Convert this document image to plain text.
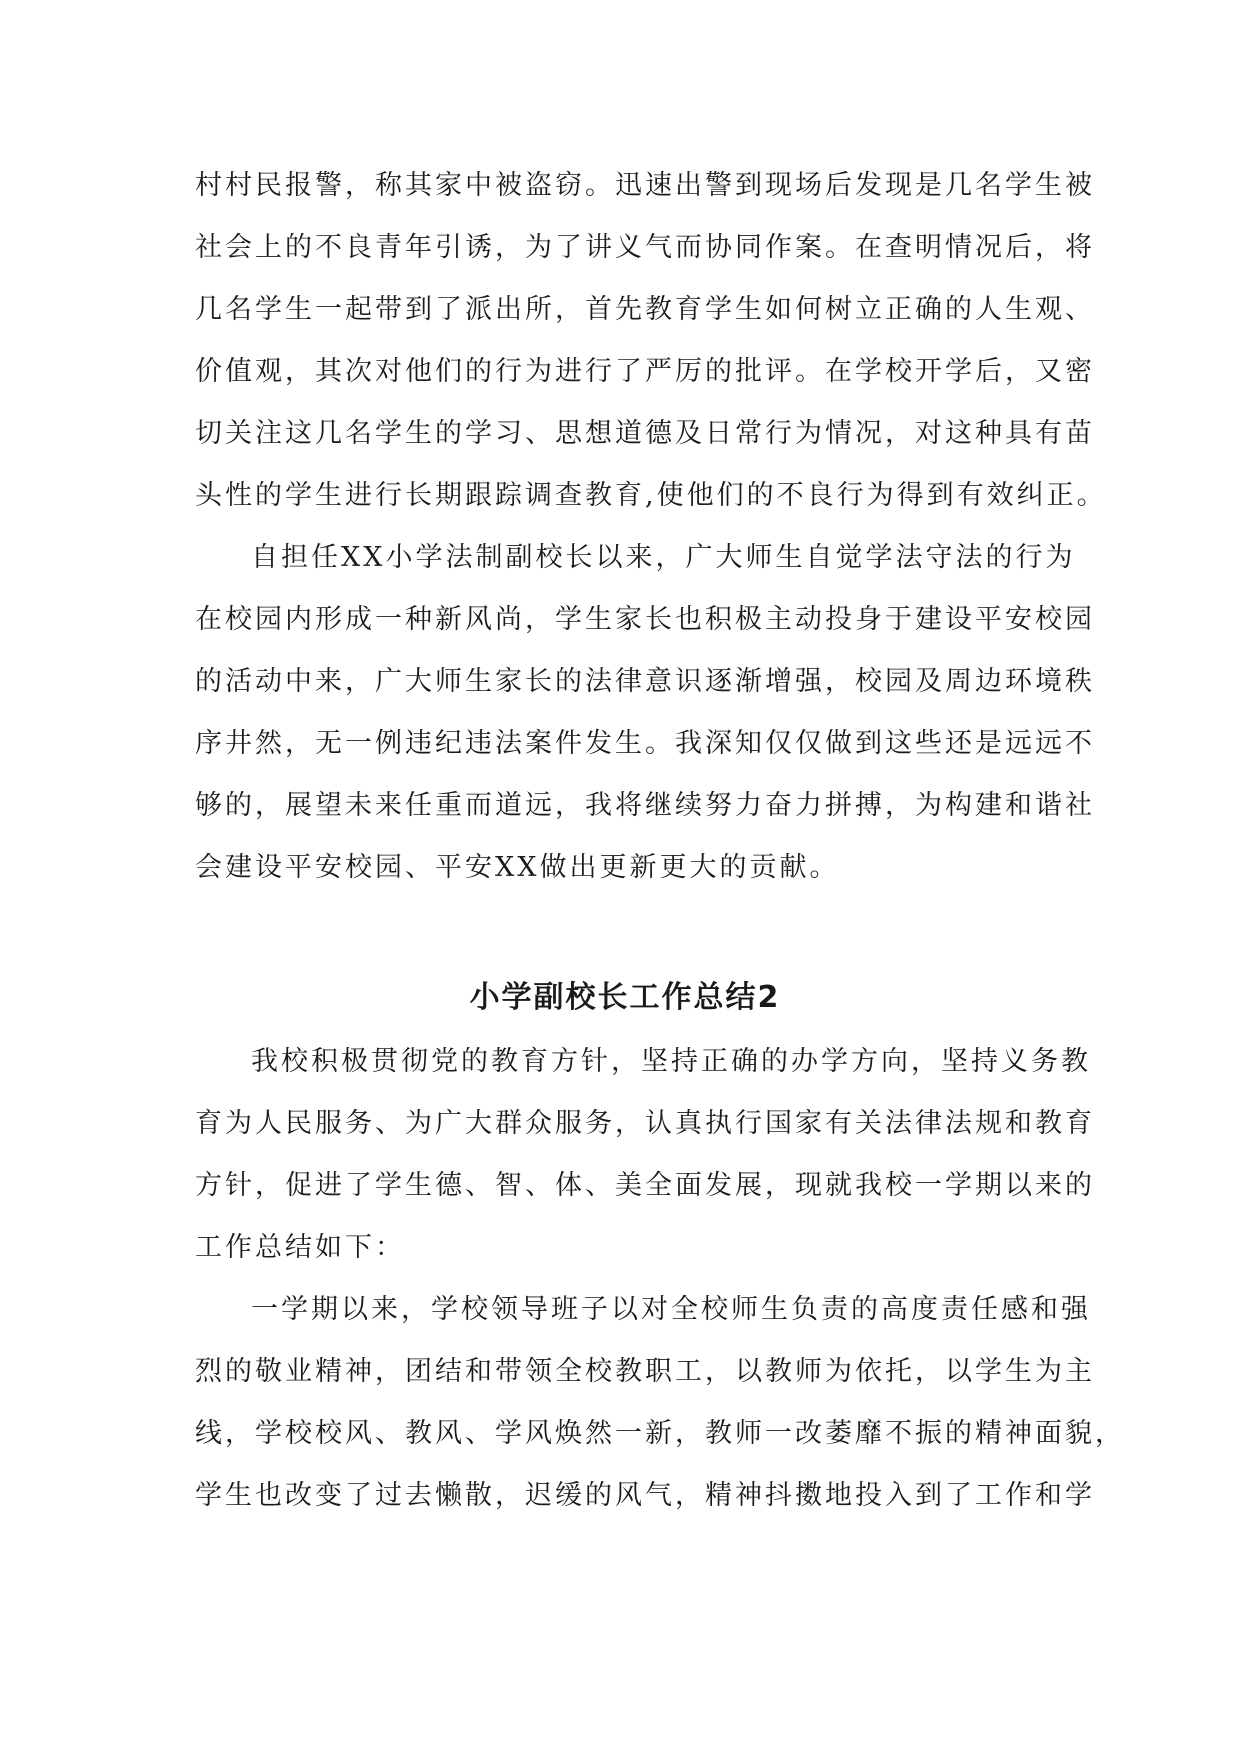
村村民报警，称其家中被盗窃。迅速出警到现场后发现是几名学生被
社会上的不良青年引诱，为了讲义气而协同作案。在查明情况后，将
几名学生一起带到了派出所，首先教育学生如何树立正确的人生观、
价值观，其次对他们的行为进行了严厉的批评。在学校开学后，又密
切关注这几名学生的学习、思想道德及日常行为情况，对这种具有苗
头性的学生进行长期跟踪调查教育,使他们的不良行为得到有效纠正。
自担任XX小学法制副校长以来，广大师生自觉学法守法的行为
在校园内形成一种新风尚，学生家长也积极主动投身于建设平安校园
的活动中来，广大师生家长的法律意识逐渐增强，校园及周边环境秩
序井然，无一例违纪违法案件发生。我深知仅仅做到这些还是远远不
够的，展望未来任重而道远，我将继续努力奋力拼搏，为构建和谐社
会建设平安校园、平安XX做出更新更大的贡献。
小学副校长工作总结2
我校积极贯彻党的教育方针，坚持正确的办学方向，坚持义务教
育为人民服务、为广大群众服务，认真执行国家有关法律法规和教育
方针，促进了学生德、智、体、美全面发展，现就我校一学期以来的
工作总结如下：
一学期以来，学校领导班子以对全校师生负责的高度责任感和强
烈的敬业精神，团结和带领全校教职工，以教师为依托，以学生为主
线，学校校风、教风、学风焕然一新，教师一改萎靡不振的精神面貌，
学生也改变了过去懒散，迟缓的风气，精神抖擞地投入到了工作和学
